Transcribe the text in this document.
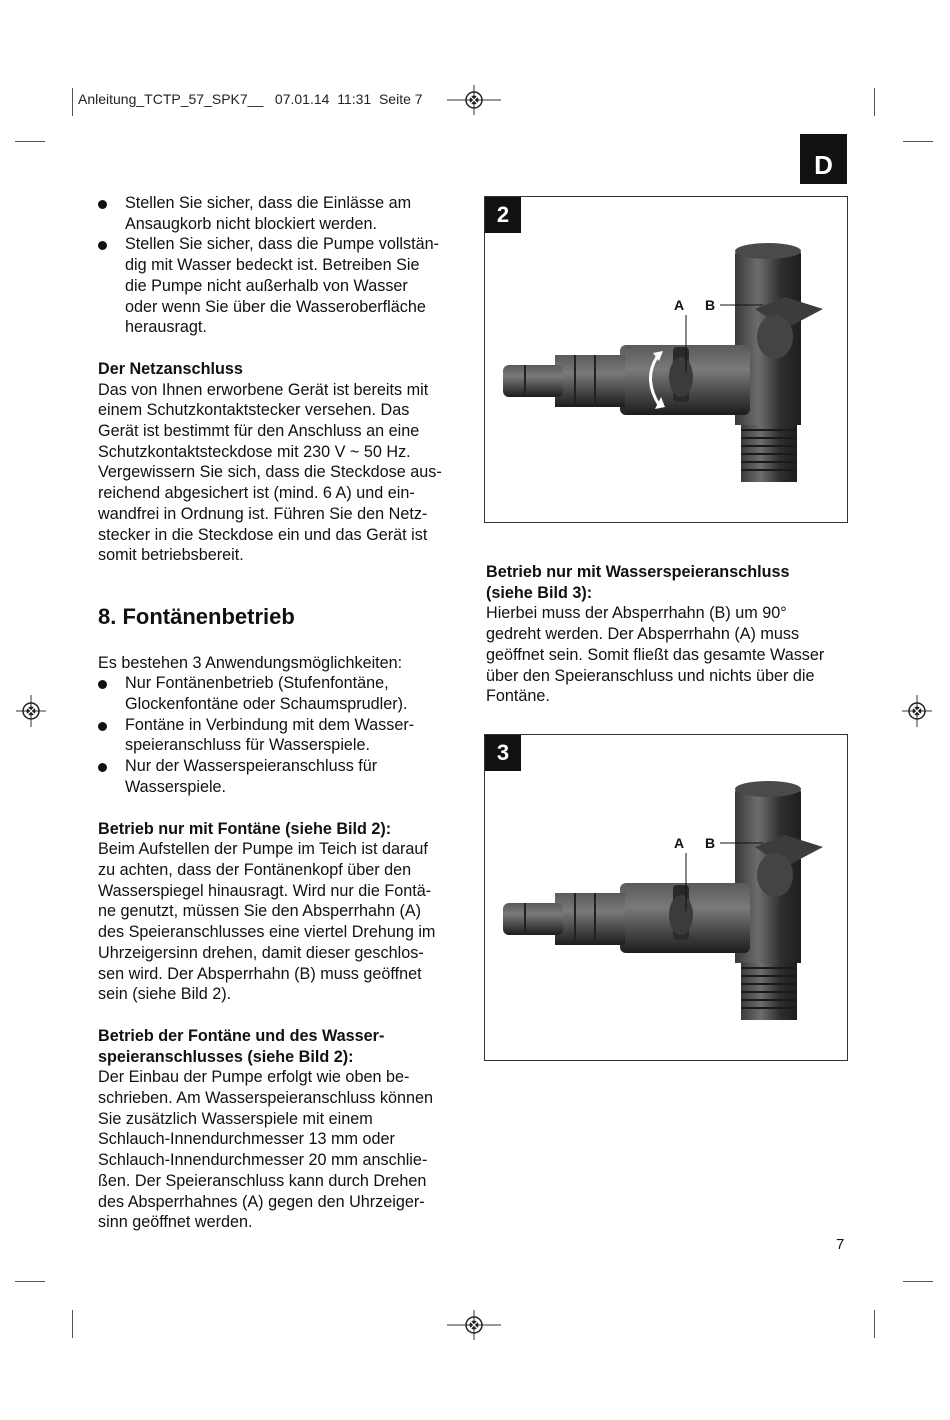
Anleitung_TCTP_57_SPK7__ 07.01.14 11:31 Seite 7
D

Stellen Sie sicher, dass die Einlässe am
Ansaugkorb nicht blockiert werden.

Stellen Sie sicher, dass die Pumpe vollstän-
dig mit Wasser bedeckt ist. Betreiben Sie
die Pumpe nicht außerhalb von Wasser
oder wenn Sie über die Wasseroberfläche
herausragt.

Der Netzanschluss

Das von Ihnen erworbene Gerät ist bereits mit
einem Schutzkontaktstecker versehen. Das
Gerät ist bestimmt für den Anschluss an eine
Schutzkontaktsteckdose mit 230 V ~ 50 Hz.
Vergewissern Sie sich, dass die Steckdose aus-
reichend abgesichert ist (mind. 6 A) und ein-
wandfrei in Ordnung ist. Führen Sie den Netz-
stecker in die Steckdose ein und das Gerät ist
somit betriebsbereit.

8. Fontänenbetrieb

Es bestehen 3 Anwendungsmöglichkeiten:

Nur Fontänenbetrieb (Stufenfontäne,
Glockenfontäne oder Schaumsprudler).

Fontäne in Verbindung mit dem Wasser-
speieranschluss für Wasserspiele.

Nur der Wasserspeieranschluss für
Wasserspiele.

Betrieb nur mit Fontäne (siehe Bild 2):

Beim Aufstellen der Pumpe im Teich ist darauf
zu achten, dass der Fontänenkopf über den
Wasserspiegel hinausragt. Wird nur die Fontä-
ne genutzt, müssen Sie den Absperrhahn (A)
des Speieranschlusses eine viertel Drehung im
Uhrzeigersinn drehen, damit dieser geschlos-
sen wird. Der Absperrhahn (B) muss geöffnet
sein (siehe Bild 2).

Betrieb der Fontäne und des Wasser-
speieranschlusses (siehe Bild 2):

Der Einbau der Pumpe erfolgt wie oben be-
schrieben. Am Wasserspeieranschluss können
Sie zusätzlich Wasserspiele mit einem
Schlauch-Innendurchmesser 13 mm oder
Schlauch-Innendurchmesser 20 mm anschlie-
ßen. Der Speieranschluss kann durch Drehen
des Absperrhahnes (A) gegen den Uhrzeiger-
sinn geöffnet werden.

2
A B

Betrieb nur mit Wasserspeieranschluss
(siehe Bild 3):

Hierbei muss der Absperrhahn (B) um 90°
gedreht werden. Der Absperrhahn (A) muss
geöffnet sein. Somit fließt das gesamte Wasser
über den Speieranschluss und nichts über die
Fontäne.

3
A B
7
